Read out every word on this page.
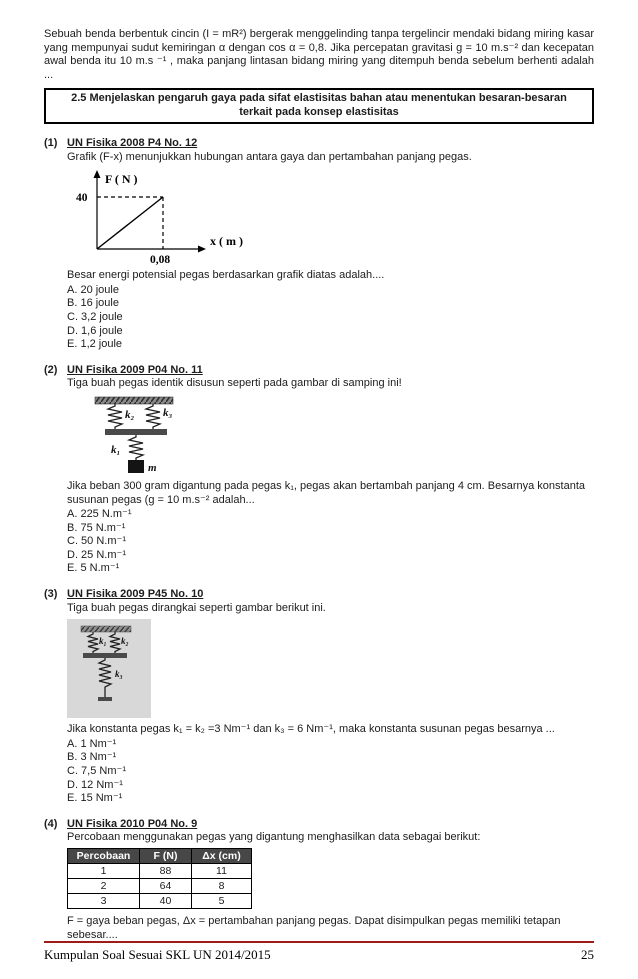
Sebuah benda berbentuk cincin (I = mR²) bergerak menggelinding tanpa tergelincir mendaki bidang miring kasar yang mempunyai sudut kemiringan α dengan cos α = 0,8. Jika percepatan gravitasi g = 10 m.s⁻² dan kecepatan awal benda itu 10 m.s ⁻¹ , maka panjang lintasan bidang miring yang ditempuh benda sebelum berhenti adalah ...

2.5 Menjelaskan pengaruh gaya pada sifat elastisitas bahan atau menentukan besaran-besaran terkait pada konsep elastisitas
(1) UN Fisika 2008 P4 No. 12
Grafik (F-x) menunjukkan hubungan antara gaya dan pertambahan panjang pegas.
F ( N )
40
x ( m )
0,08
Besar energi potensial pegas berdasarkan grafik diatas adalah....
A. 20 joule
B. 16 joule
C. 3,2 joule
D. 1,6 joule
E. 1,2 joule
(2) UN Fisika 2009 P04 No. 11
Tiga buah pegas identik disusun seperti pada gambar di samping ini!
k₂	k₃
k₁
m
Jika beban 300 gram digantung pada pegas k₁, pegas akan bertambah panjang 4 cm. Besarnya konstanta susunan pegas (g = 10 m.s⁻² adalah...
A. 225 N.m⁻¹
B. 75 N.m⁻¹
C. 50 N.m⁻¹
D. 25 N.m⁻¹
E. 5 N.m⁻¹
(3) UN Fisika 2009 P45 No. 10
Tiga buah pegas dirangkai seperti gambar berikut ini.
k₁ k₂
k₃
Jika konstanta pegas k₁ = k₂ =3 Nm⁻¹ dan k₃ = 6 Nm⁻¹, maka konstanta susunan pegas besarnya ...
A. 1 Nm⁻¹
B. 3 Nm⁻¹
C. 7,5 Nm⁻¹
D. 12 Nm⁻¹
E. 15 Nm⁻¹
(4) UN Fisika 2010 P04 No. 9
Percobaan menggunakan pegas yang digantung menghasilkan data sebagai berikut:
Percobaan	F (N)	Δx (cm)
1	88	11
2	64	8
3	40	5
F = gaya beban pegas, Δx = pertambahan panjang pegas. Dapat disimpulkan pegas memiliki tetapan sebesar....
Kumpulan Soal Sesuai SKL UN 2014/2015	25
